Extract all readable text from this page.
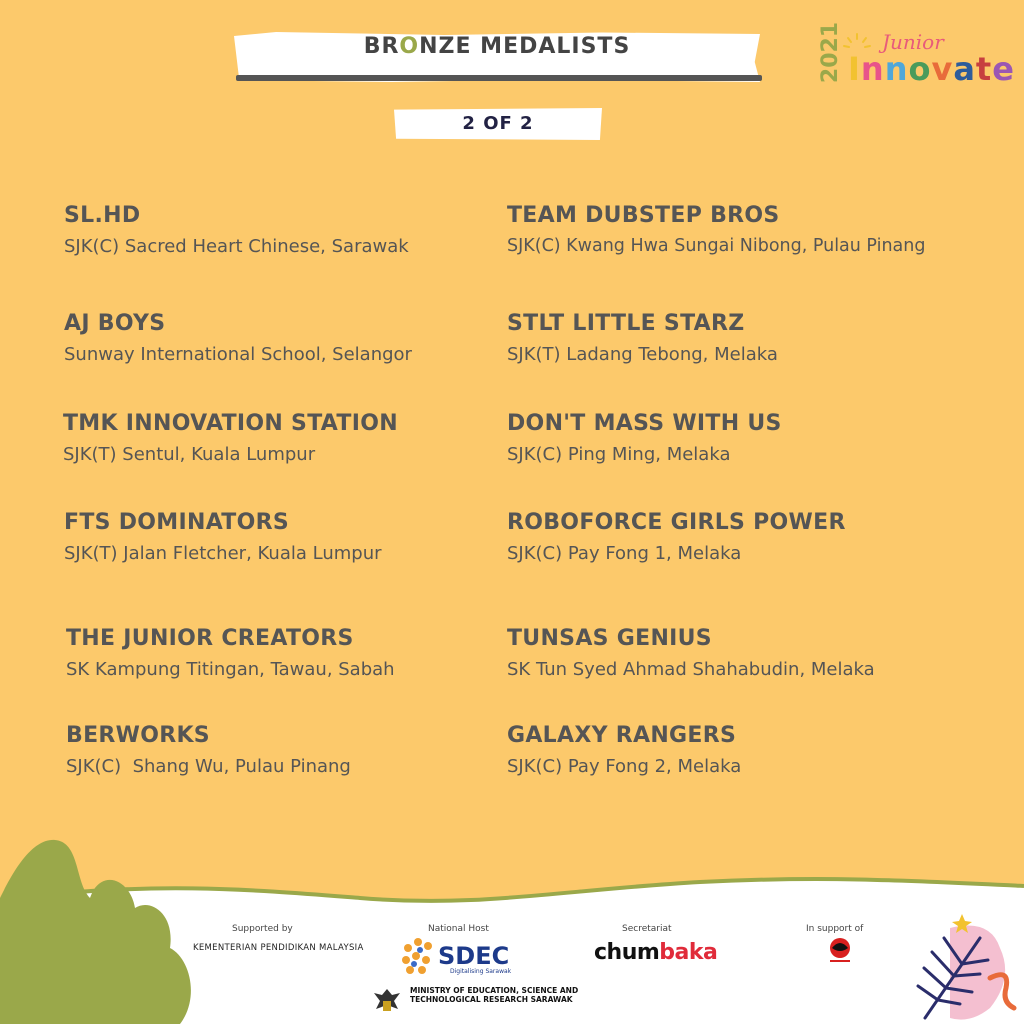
BRONZE MEDALISTS
2 OF 2
2021 Junior
Innovate
SL.HD
SJK(C) Sacred Heart Chinese, Sarawak
AJ BOYS
Sunway International School, Selangor
TMK INNOVATION STATION
SJK(T) Sentul, Kuala Lumpur
FTS DOMINATORS
SJK(T) Jalan Fletcher, Kuala Lumpur
THE JUNIOR CREATORS
SK Kampung Titingan, Tawau, Sabah
BERWORKS
SJK(C)  Shang Wu, Pulau Pinang
TEAM DUBSTEP BROS
SJK(C) Kwang Hwa Sungai Nibong, Pulau Pinang
STLT LITTLE STARZ
SJK(T) Ladang Tebong, Melaka
DON'T MASS WITH US
SJK(C) Ping Ming, Melaka
ROBOFORCE GIRLS POWER
SJK(C) Pay Fong 1, Melaka
TUNSAS GENIUS
SK Tun Syed Ahmad Shahabudin, Melaka
GALAXY RANGERS
SJK(C) Pay Fong 2, Melaka
Supported by
KEMENTERIAN PENDIDIKAN MALAYSIA
National Host
SDEC
Digitalising Sarawak
MINISTRY OF EDUCATION, SCIENCE AND
TECHNOLOGICAL RESEARCH SARAWAK
Secretariat
chumbaka
In support of
